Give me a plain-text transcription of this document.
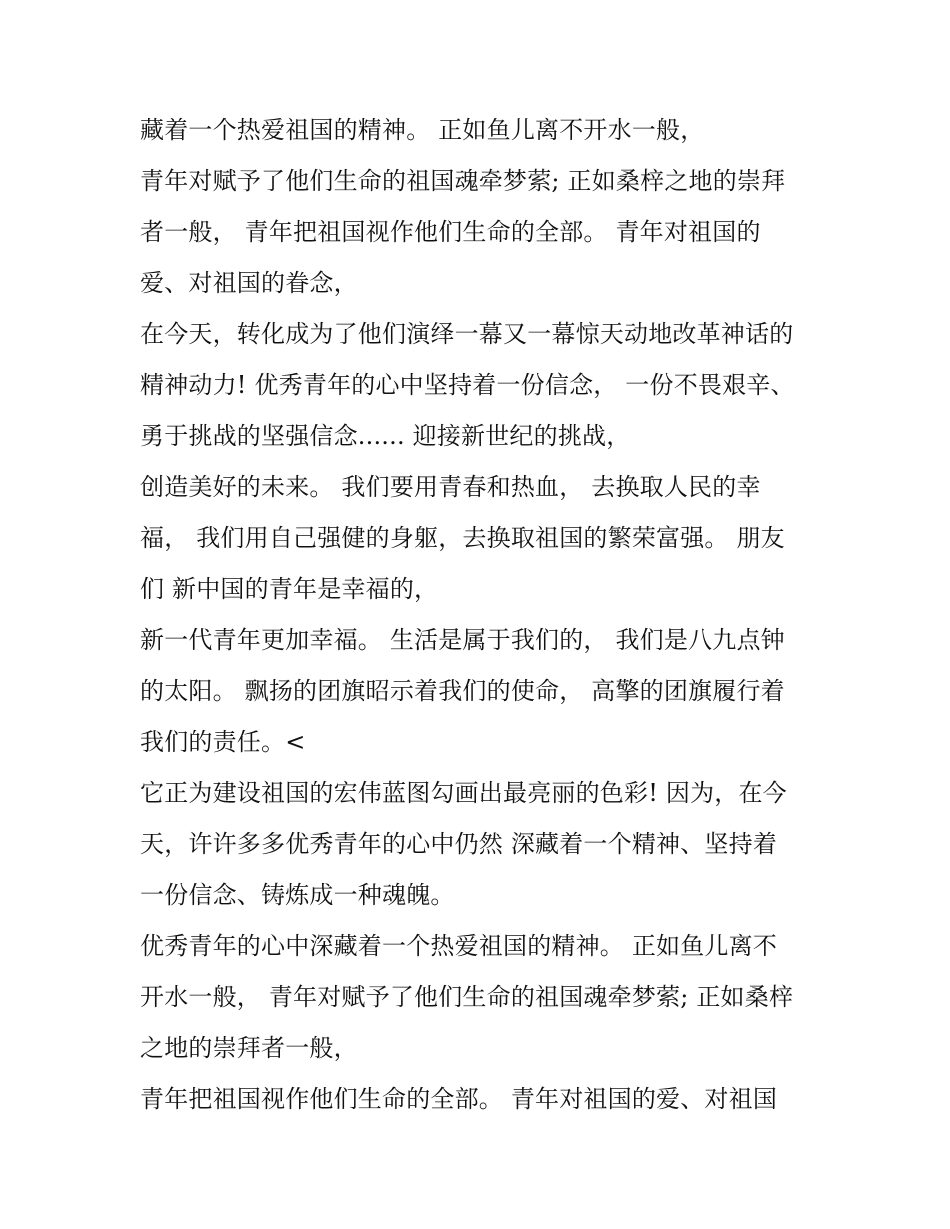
藏着一个热爱祖国的精神。 正如鱼儿离不开水一般，
青年对赋予了他们生命的祖国魂牵梦萦; 正如桑梓之地的崇拜
者一般， 青年把祖国视作他们生命的全部。 青年对祖国的
爱、对祖国的眷念，
在今天，转化成为了他们演绎一幕又一幕惊天动地改革神话的
精神动力! 优秀青年的心中坚持着一份信念， 一份不畏艰辛、
勇于挑战的坚强信念...... 迎接新世纪的挑战，
创造美好的未来。 我们要用青春和热血， 去换取人民的幸
福， 我们用自己强健的身躯，去换取祖国的繁荣富强。 朋友
们 新中国的青年是幸福的，
新一代青年更加幸福。 生活是属于我们的， 我们是八九点钟
的太阳。 飘扬的团旗昭示着我们的使命， 高擎的团旗履行着
我们的责任。<
它正为建设祖国的宏伟蓝图勾画出最亮丽的色彩! 因为，在今
天，许许多多优秀青年的心中仍然 深藏着一个精神、坚持着
一份信念、铸炼成一种魂魄。
优秀青年的心中深藏着一个热爱祖国的精神。 正如鱼儿离不
开水一般， 青年对赋予了他们生命的祖国魂牵梦萦; 正如桑梓
之地的崇拜者一般，
青年把祖国视作他们生命的全部。 青年对祖国的爱、对祖国
